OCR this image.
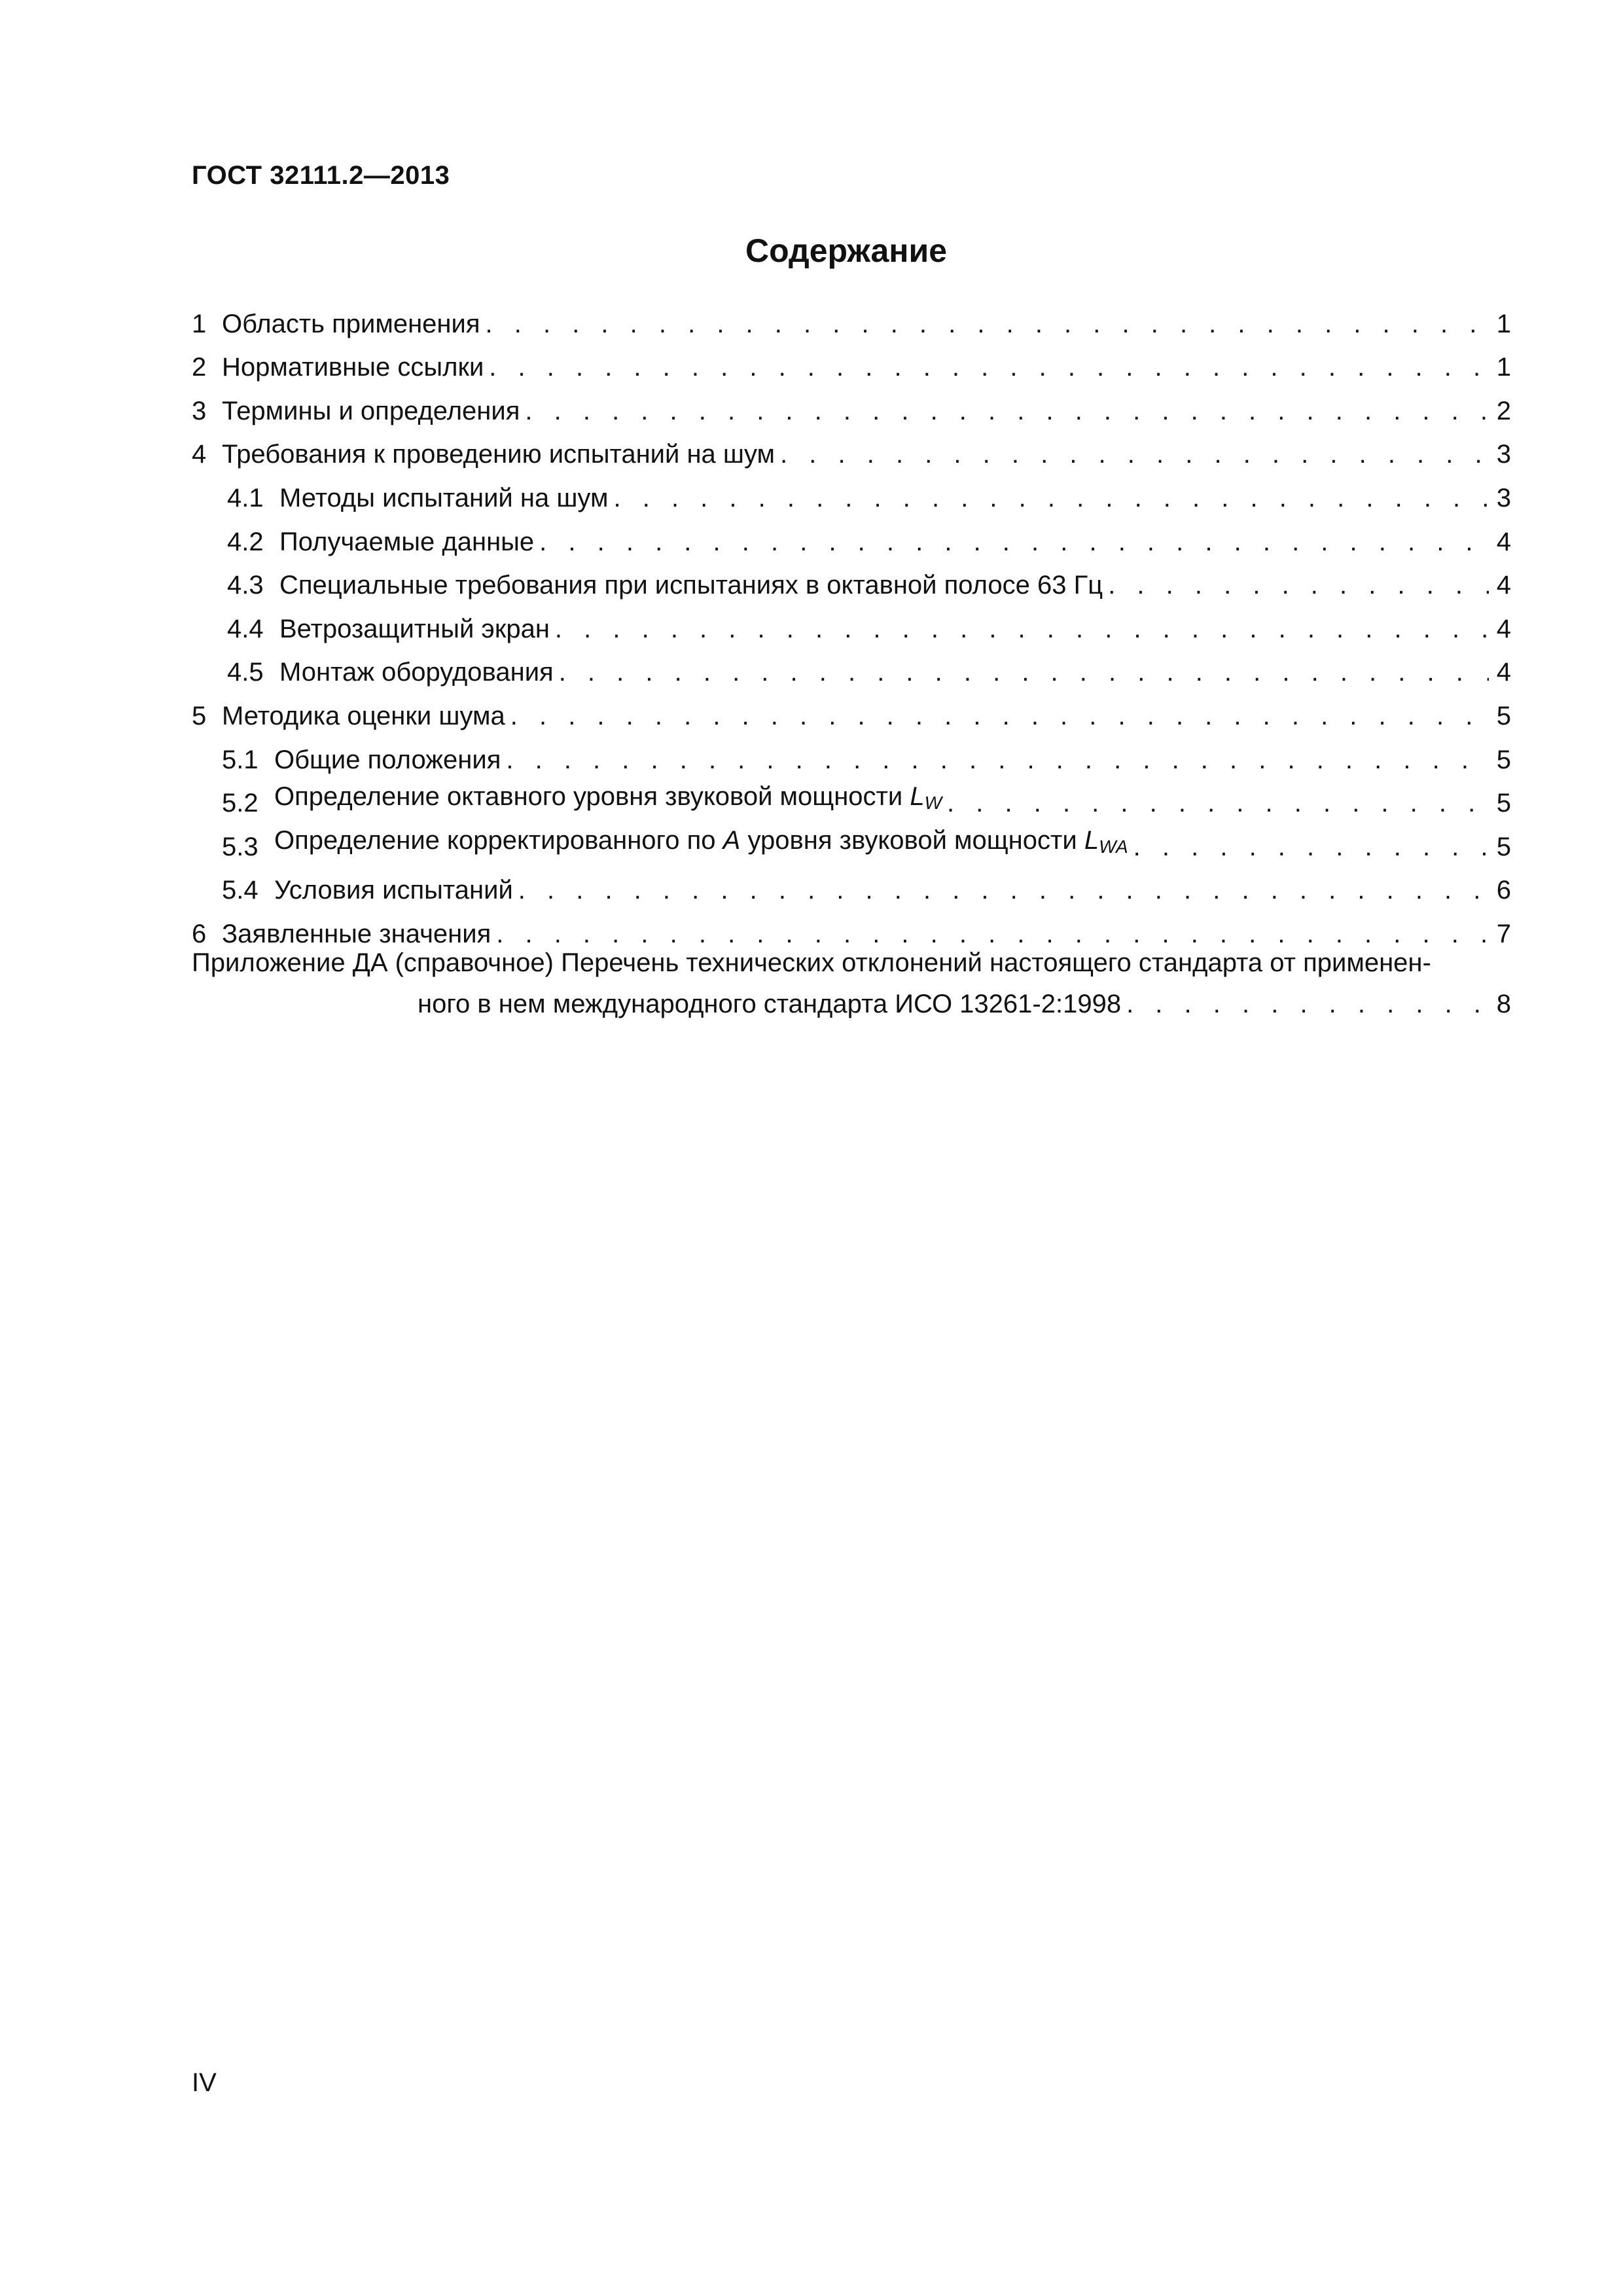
ГОСТ 32111.2—2013
Содержание
1 Область применения . . .	1
2 Нормативные ссылки . . .	1
3 Термины и определения . . .	2
4 Требования к проведению испытаний на шум . . .	3
4.1 Методы испытаний на шум . . .	3
4.2 Получаемые данные . . .	4
4.3 Специальные требования при испытаниях в октавной полосе 63 Гц . . .	4
4.4 Ветрозащитный экран . . .	4
4.5 Монтаж оборудования . . .	4
5 Методика оценки шума . . .	5
5.1 Общие положения . . .	5
5.2 Определение октавного уровня звуковой мощности $L_W$ . . .	5
5.3 Определение корректированного по A уровня звуковой мощности $L_{WA}$ . . .	5
5.4 Условия испытаний . . .	6
6 Заявленные значения . . .	7
Приложение ДА (справочное) Перечень технических отклонений настоящего стандарта от применен-
ного в нем международного стандарта ИСО 13261-2:1998 . . .	8
IV
